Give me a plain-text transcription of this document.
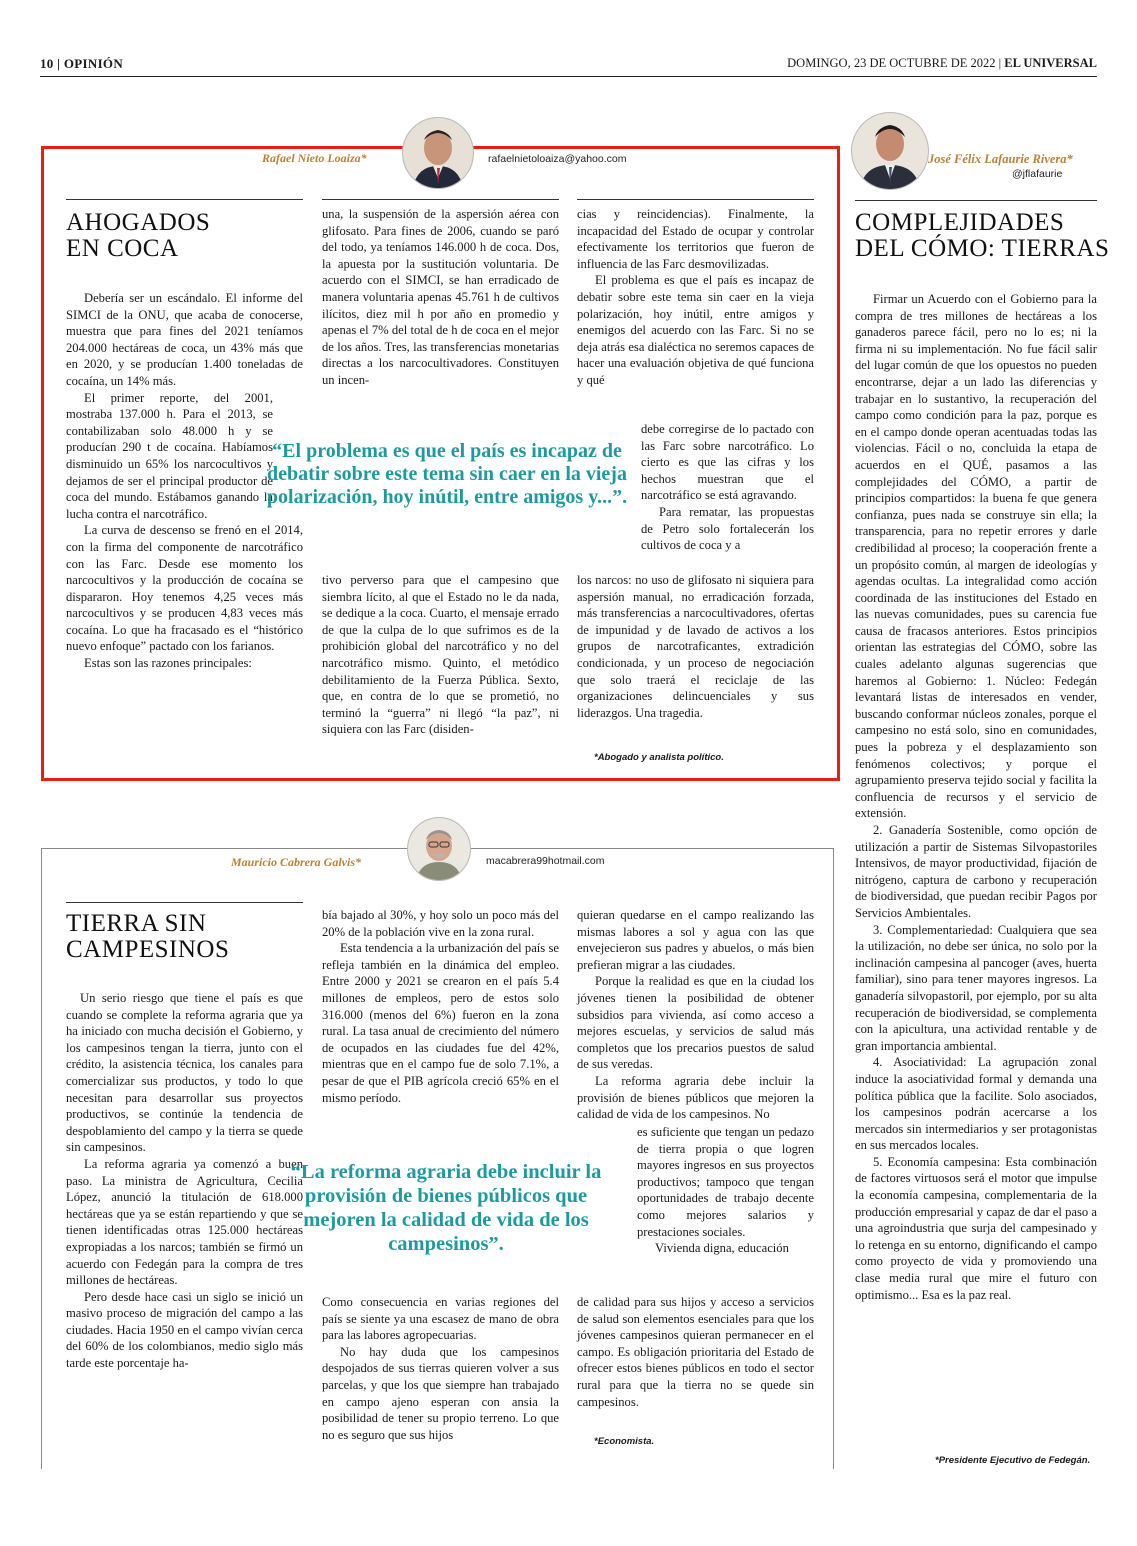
10 | OPINIÓN	DOMINGO, 23 DE OCTUBRE DE 2022 | EL UNIVERSAL
Rafael Nieto Loaiza*	rafaelnietoloaiza@yahoo.com
AHOGADOS
EN COCA

Debería ser un escándalo. El informe del SIMCI de la ONU, que acaba de conocerse, muestra que para fines del 2021 teníamos 204.000 hectáreas de coca, un 43% más que en 2020, y se producían 1.400 toneladas de cocaína, un 14% más.

El primer reporte, del 2001, mostraba 137.000 h. Para el 2013, se contabilizaban solo 48.000 h y se producían 290 t de cocaína. Habíamos disminuido un 65% los narcocultivos y dejamos de ser el principal productor de coca del mundo. Estábamos ganando la lucha contra el narcotráfico.

La curva de descenso se frenó en el 2014, con la firma del componente de narcotráfico con las Farc. Desde ese momento los narcocultivos y la producción de cocaína se dispararon. Hoy tenemos 4,25 veces más narcocultivos y se producen 4,83 veces más cocaína. Lo que ha fracasado es el “histórico nuevo enfoque” pactado con los farianos.

Estas son las razones principales:

una, la suspensión de la aspersión aérea con glifosato. Para fines de 2006, cuando se paró del todo, ya teníamos 146.000 h de coca. Dos, la apuesta por la sustitución voluntaria. De acuerdo con el SIMCI, se han erradicado de manera voluntaria apenas 45.761 h de cultivos ilícitos, diez mil h por año en promedio y apenas el 7% del total de h de coca en el mejor de los años. Tres, las transferencias monetarias directas a los narcocultivadores. Constituyen un incen-

“El problema es que el país es incapaz de debatir sobre este tema sin caer en la vieja polarización, hoy inútil, entre amigos y...”.

tivo perverso para que el campesino que siembra lícito, al que el Estado no le da nada, se dedique a la coca. Cuarto, el mensaje errado de que la culpa de lo que sufrimos es de la prohibición global del narcotráfico y no del narcotráfico mismo. Quinto, el metódico debilitamiento de la Fuerza Pública. Sexto, que, en contra de lo que se prometió, no terminó la “guerra” ni llegó “la paz”, ni siquiera con las Farc (disiden-

cias y reincidencias). Finalmente, la incapacidad del Estado de ocupar y controlar efectivamente los territorios que fueron de influencia de las Farc desmovilizadas.

El problema es que el país es incapaz de debatir sobre este tema sin caer en la vieja polarización, hoy inútil, entre amigos y enemigos del acuerdo con las Farc. Si no se deja atrás esa dialéctica no seremos capaces de hacer una evaluación objetiva de qué funciona y qué

debe corregirse de lo pactado con las Farc sobre narcotráfico. Lo cierto es que las cifras y los hechos muestran que el narcotráfico se está agravando.

Para rematar, las propuestas de Petro solo fortalecerán los cultivos de coca y a

los narcos: no uso de glifosato ni siquiera para aspersión manual, no erradicación forzada, más transferencias a narcocultivadores, ofertas de impunidad y de lavado de activos a los grupos de narcotraficantes, extradición condicionada, y un proceso de negociación que solo traerá el reciclaje de las organizaciones delincuenciales y sus liderazgos. Una tragedia.

*Abogado y analista político.
Mauricio Cabrera Galvis*	macabrera99hotmail.com
TIERRA SIN
CAMPESINOS

Un serio riesgo que tiene el país es que cuando se complete la reforma agraria que ya ha iniciado con mucha decisión el Gobierno, y los campesinos tengan la tierra, junto con el crédito, la asistencia técnica, los canales para comercializar sus productos, y todo lo que necesitan para desarrollar sus proyectos productivos, se continúe la tendencia de despoblamiento del campo y la tierra se quede sin campesinos.

La reforma agraria ya comenzó a buen paso. La ministra de Agricultura, Cecilia López, anunció la titulación de 618.000 hectáreas que ya se están repartiendo y que se tienen identificadas otras 125.000 hectáreas expropiadas a los narcos; también se firmó un acuerdo con Fedegán para la compra de tres millones de hectáreas.

Pero desde hace casi un siglo se inició un masivo proceso de migración del campo a las ciudades. Hacia 1950 en el campo vivían cerca del 60% de los colombianos, medio siglo más tarde este porcentaje ha-

bía bajado al 30%, y hoy solo un poco más del 20% de la población vive en la zona rural.

Esta tendencia a la urbanización del país se refleja también en la dinámica del empleo. Entre 2000 y 2021 se crearon en el país 5.4 millones de empleos, pero de estos solo 316.000 (menos del 6%) fueron en la zona rural. La tasa anual de crecimiento del número de ocupados en las ciudades fue del 42%, mientras que en el campo fue de solo 7.1%, a pesar de que el PIB agrícola creció 65% en el mismo período.

“La reforma agraria debe incluir la provisión de bienes públicos que mejoren la calidad de vida de los campesinos”.

Como consecuencia en varias regiones del país se siente ya una escasez de mano de obra para las labores agropecuarias.

No hay duda que los campesinos despojados de sus tierras quieren volver a sus parcelas, y que los que siempre han trabajado en campo ajeno esperan con ansia la posibilidad de tener su propio terreno. Lo que no es seguro que sus hijos

quieran quedarse en el campo realizando las mismas labores a sol y agua con las que envejecieron sus padres y abuelos, o más bien prefieran migrar a las ciudades.

Porque la realidad es que en la ciudad los jóvenes tienen la posibilidad de obtener subsidios para vivienda, así como acceso a mejores escuelas, y servicios de salud más completos que los precarios puestos de salud de sus veredas.

La reforma agraria debe incluir la provisión de bienes públicos que mejoren la calidad de vida de los campesinos. No

es suficiente que tengan un pedazo de tierra propia o que logren mayores ingresos en sus proyectos productivos; tampoco que tengan oportunidades de trabajo decente como mejores salarios y prestaciones sociales.

Vivienda digna, educación

de calidad para sus hijos y acceso a servicios de salud son elementos esenciales para que los jóvenes campesinos quieran permanecer en el campo. Es obligación prioritaria del Estado de ofrecer estos bienes públicos en todo el sector rural para que la tierra no se quede sin campesinos.

*Economista.
José Félix Lafaurie Rivera*
@jflafaurie
COMPLEJIDADES
DEL CÓMO: TIERRAS

Firmar un Acuerdo con el Gobierno para la compra de tres millones de hectáreas a los ganaderos parece fácil, pero no lo es; ni la firma ni su implementación. No fue fácil salir del lugar común de que los opuestos no pueden encontrarse, dejar a un lado las diferencias y trabajar en lo sustantivo, la recuperación del campo como condición para la paz, porque es en el campo donde operan acentuadas todas las violencias. Fácil o no, concluida la etapa de acuerdos en el QUÉ, pasamos a las complejidades del CÓMO, a partir de principios compartidos: la buena fe que genera confianza, pues nada se construye sin ella; la transparencia, para no repetir errores y darle credibilidad al proceso; la cooperación frente a un propósito común, al margen de ideologías y agendas ocultas. La integralidad como acción coordinada de las instituciones del Estado en las nuevas comunidades, pues su carencia fue causa de fracasos anteriores. Estos principios orientan las estrategias del CÓMO, sobre las cuales adelanto algunas sugerencias que haremos al Gobierno: 1. Núcleo: Fedegán levantará listas de interesados en vender, buscando conformar núcleos zonales, porque el campesino no está solo, sino en comunidades, pues la pobreza y el desplazamiento son fenómenos colectivos; y porque el agrupamiento preserva tejido social y facilita la confluencia de recursos y el servicio de extensión.

2. Ganadería Sostenible, como opción de utilización a partir de Sistemas Silvopastoriles Intensivos, de mayor productividad, fijación de nitrógeno, captura de carbono y recuperación de biodiversidad, que puedan recibir Pagos por Servicios Ambientales.

3. Complementariedad: Cualquiera que sea la utilización, no debe ser única, no solo por la inclinación campesina al pancoger (aves, huerta familiar), sino para tener mayores ingresos. La ganadería silvopastoril, por ejemplo, por su alta recuperación de biodiversidad, se complementa con la apicultura, una actividad rentable y de gran importancia ambiental.

4. Asociatividad: La agrupación zonal induce la asociatividad formal y demanda una política pública que la facilite. Solo asociados, los campesinos podrán acercarse a los mercados sin intermediarios y ser protagonistas en sus mercados locales.

5. Economía campesina: Esta combinación de factores virtuosos será el motor que impulse la economía campesina, complementaria de la producción empresarial y capaz de dar el paso a una agroindustria que surja del campesinado y lo retenga en su entorno, dignificando el campo como proyecto de vida y promoviendo una clase media rural que mire el futuro con optimismo... Esa es la paz real.

*Presidente Ejecutivo de Fedegán.
